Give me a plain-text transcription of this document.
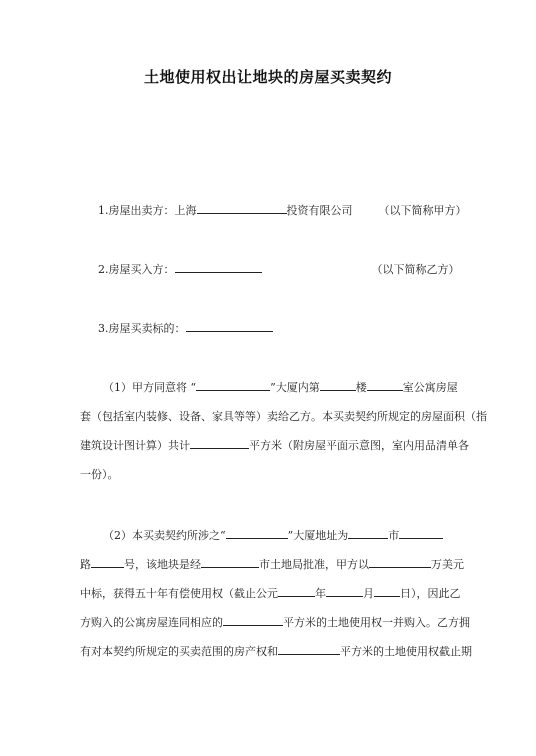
土地使用权出让地块的房屋买卖契约
1.房屋出卖方：上海	投资有限公司 （以下简称甲方）
2.房屋买入方：	（以下简称乙方）
3.房屋买卖标的：
（1）甲方同意将 “	”大厦内第	楼	室公寓房屋
套（包括室内装修、设备、家具等等）卖给乙方。本买卖契约所规定的房屋面积（指
建筑设计图计算）共计	平方米（附房屋平面示意图，室内用品清单各
一份）。
（2）本买卖契约所涉之“	”大厦地址为	市
路	号，该地块是经	市土地局批准，甲方以	万美元
中标，获得五十年有偿使用权（截止公元	年	月 日），因此乙
方购入的公寓房屋连同相应的	平方米的土地使用权一并购入。乙方拥
有对本契约所规定的买卖范围的房产权和	平方米的土地使用权截止期
